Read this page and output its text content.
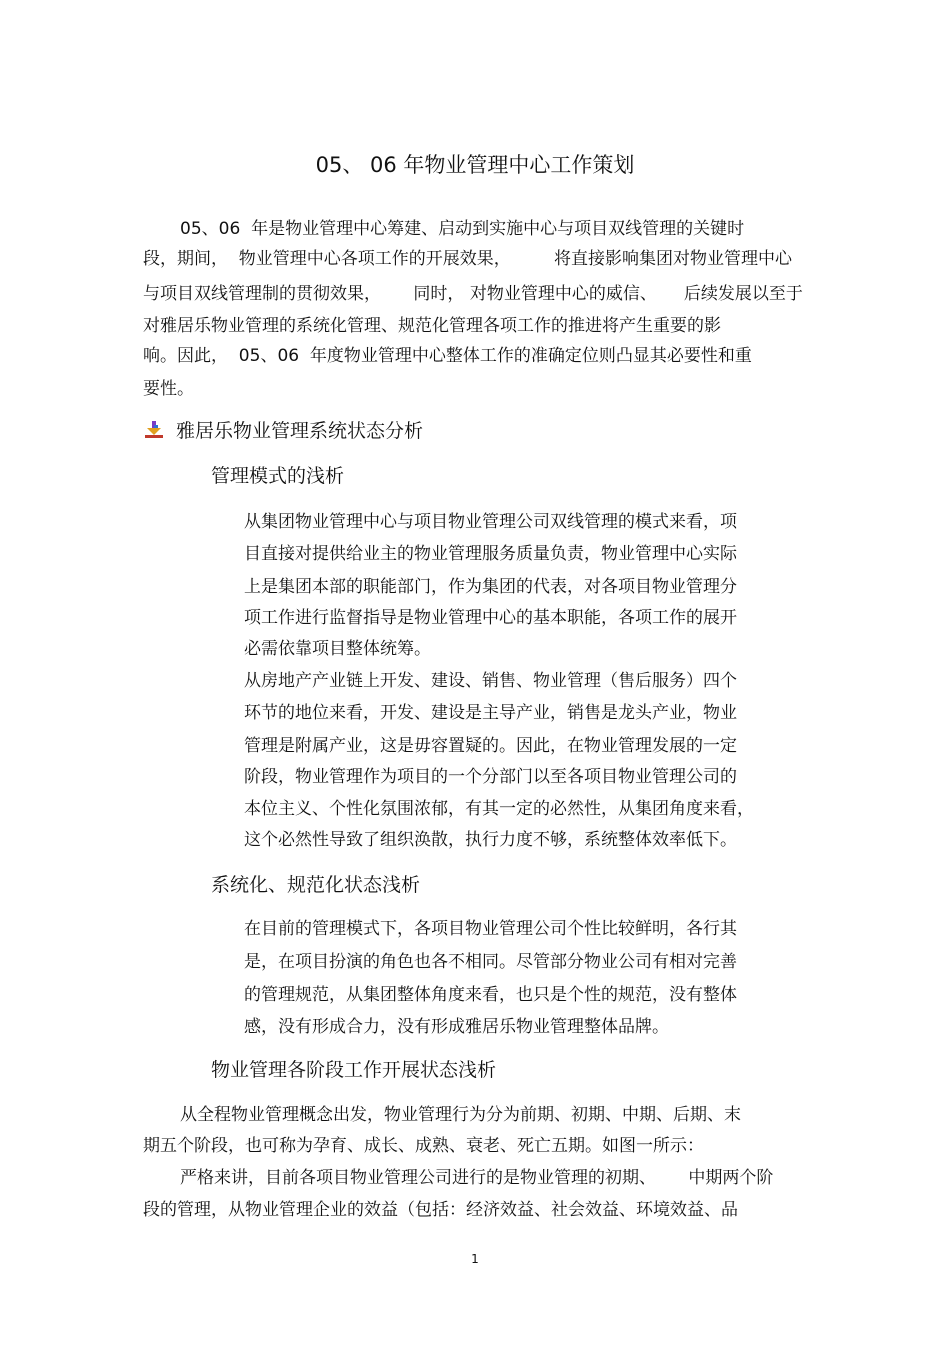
05、 06 年物业管理中心工作策划

05、06  年是物业管理中心筹建、启动到实施中心与项目双线管理的关键时

段，期间，  物业管理中心各项工作的开展效果，        将直接影响集团对物业管理中心

与项目双线管理制的贯彻效果，      同时， 对物业管理中心的威信、     后续发展以至于

对雅居乐物业管理的系统化管理、规范化管理各项工作的推进将产生重要的影

响。因此，  05、06  年度物业管理中心整体工作的准确定位则凸显其必要性和重

要性。

雅居乐物业管理系统状态分析

管理模式的浅析

从集团物业管理中心与项目物业管理公司双线管理的模式来看，项

目直接对提供给业主的物业管理服务质量负责，物业管理中心实际

上是集团本部的职能部门，作为集团的代表，对各项目物业管理分

项工作进行监督指导是物业管理中心的基本职能，各项工作的展开

必需依靠项目整体统筹。

从房地产产业链上开发、建设、销售、物业管理（售后服务）四个

环节的地位来看，开发、建设是主导产业，销售是龙头产业，物业

管理是附属产业，这是毋容置疑的。因此，在物业管理发展的一定

阶段，物业管理作为项目的一个分部门以至各项目物业管理公司的

本位主义、个性化氛围浓郁，有其一定的必然性，从集团角度来看，

这个必然性导致了组织涣散，执行力度不够，系统整体效率低下。

系统化、规范化状态浅析

在目前的管理模式下，各项目物业管理公司个性比较鲜明，各行其

是，在项目扮演的角色也各不相同。尽管部分物业公司有相对完善

的管理规范，从集团整体角度来看，也只是个性的规范，没有整体

感，没有形成合力，没有形成雅居乐物业管理整体品牌。

物业管理各阶段工作开展状态浅析

从全程物业管理概念出发，物业管理行为分为前期、初期、中期、后期、末

期五个阶段，也可称为孕育、成长、成熟、衰老、死亡五期。如图一所示：

严格来讲，目前各项目物业管理公司进行的是物业管理的初期、      中期两个阶

段的管理，从物业管理企业的效益（包括：经济效益、社会效益、环境效益、品

1
